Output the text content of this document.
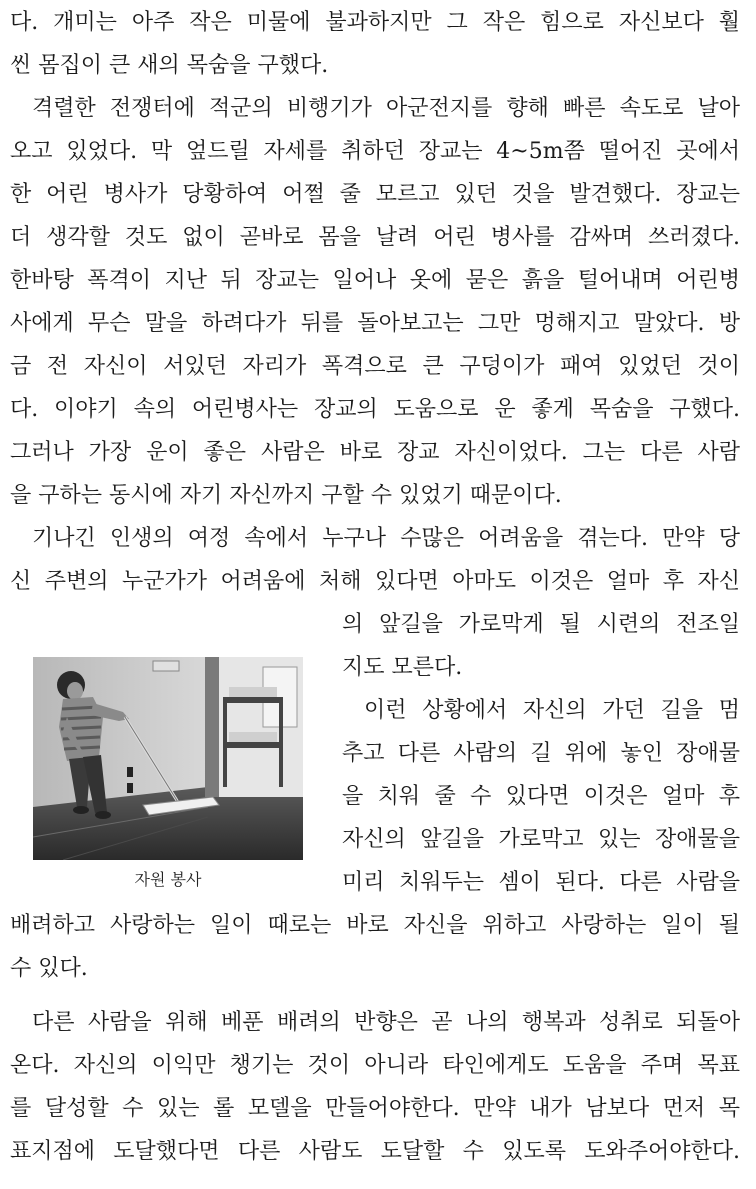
다. 개미는 아주 작은 미물에 불과하지만 그 작은 힘으로 자신보다 훨
씬 몸집이 큰 새의 목숨을 구했다.
격렬한 전쟁터에 적군의 비행기가 아군전지를 향해 빠른 속도로 날아
오고 있었다. 막 엎드릴 자세를 취하던 장교는 4~5m쯤 떨어진 곳에서
한 어린 병사가 당황하여 어쩔 줄 모르고 있던 것을 발견했다. 장교는
더 생각할 것도 없이 곧바로 몸을 날려 어린 병사를 감싸며 쓰러졌다.
한바탕 폭격이 지난 뒤 장교는 일어나 옷에 묻은 흙을 털어내며 어린병
사에게 무슨 말을 하려다가 뒤를 돌아보고는 그만 멍해지고 말았다. 방
금 전 자신이 서있던 자리가 폭격으로 큰 구덩이가 패여 있었던 것이
다. 이야기 속의 어린병사는 장교의 도움으로 운 좋게 목숨을 구했다.
그러나 가장 운이 좋은 사람은 바로 장교 자신이었다. 그는 다른 사람
을 구하는 동시에 자기 자신까지 구할 수 있었기 때문이다.
기나긴 인생의 여정 속에서 누구나 수많은 어려움을 겪는다. 만약 당
신 주변의 누군가가 어려움에 처해 있다면 아마도 이것은 얼마 후 자신
의 앞길을 가로막게 될 시련의 전조일
지도 모른다.
이런 상황에서 자신의 가던 길을 멈
추고 다른 사람의 길 위에 놓인 장애물
을 치워 줄 수 있다면 이것은 얼마 후
자신의 앞길을 가로막고 있는 장애물을
미리 치워두는 셈이 된다. 다른 사람을
배려하고 사랑하는 일이 때로는 바로 자신을 위하고 사랑하는 일이 될
수 있다.
다른 사람을 위해 베푼 배려의 반향은 곧 나의 행복과 성취로 되돌아
온다. 자신의 이익만 챙기는 것이 아니라 타인에게도 도움을 주며 목표
를 달성할 수 있는 롤 모델을 만들어야한다. 만약 내가 남보다 먼저 목
표지점에 도달했다면 다른 사람도 도달할 수 있도록 도와주어야한다.
자원 봉사
